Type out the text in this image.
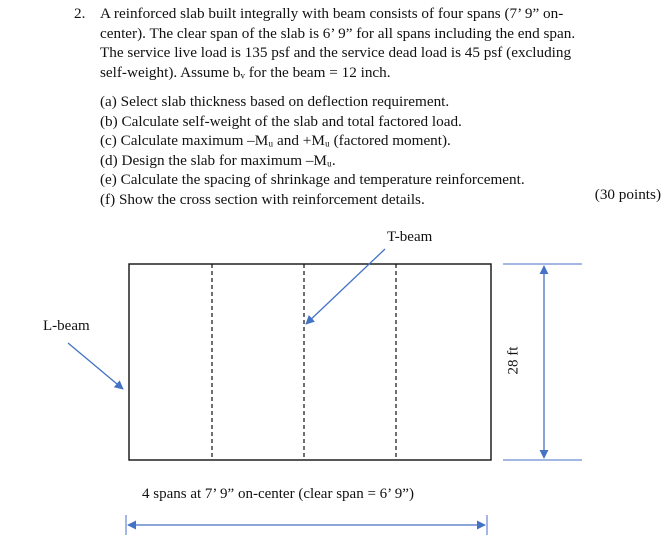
2. A reinforced slab built integrally with beam consists of four spans (7’ 9” on-
center). The clear span of the slab is 6’ 9” for all spans including the end span.
The service live load is 135 psf and the service dead load is 45 psf (excluding
self-weight). Assume bᵥ for the beam = 12 inch.
(a) Select slab thickness based on deflection requirement.
(b) Calculate self-weight of the slab and total factored load.
(c) Calculate maximum –Mᵤ and +Mᵤ (factored moment).
(d) Design the slab for maximum –Mᵤ.
(e) Calculate the spacing of shrinkage and temperature reinforcement.
(f) Show the cross section with reinforcement details.	(30 points)
T-beam
L-beam
28 ft
4 spans at 7’ 9” on-center (clear span = 6’ 9”)
